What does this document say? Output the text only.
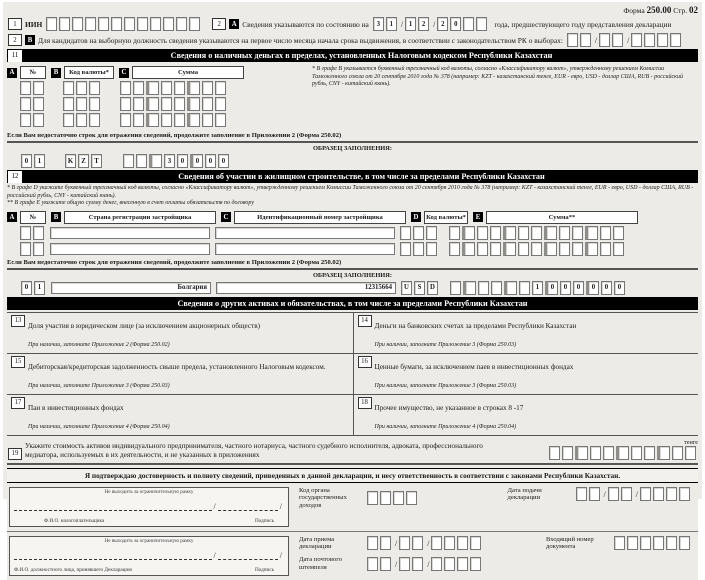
Форма 250.00 Стр. 02
1	ИИН	2	A Сведения указываются по состоянию на	3	1 / 1	2 / 2	0	года, предшествующего году представления декларации
2	B Для кандидатов на выборную должность сведения указываются на первое число месяца начала срока выдвижения, в соответствии с законодательством РК о выборах:	/	/
11	Сведения о наличных деньгах в пределах, установленных Налоговым кодексом Республики Казахстан
A	№	B	Код валюты*	C	Сумма	* В графе В указывается буквенный трехзначный код валюты, согласно «Классификатору валют», утвержденному решением Комиссии Таможенного союза от 20 сентября 2010 года № 378 (например: KZT - казахстанский тенге, EUR - евро, USD - доллар США, RUB - российский рубль, CNY - китайский юань).
Если Вам недостаточно строк для отражения сведений, продолжите заполнение в Приложении 2 (Форма 250.02)
ОБРАЗЕЦ ЗАПОЛНЕНИЯ:
0	1	K	Z	T	3	0	0	0	0
12	Сведения об участии в жилищном строительстве, в том числе за пределами Республики Казахстан
* В графе D укажите буквенный трехзначный код валюты, согласно «Классификатору валют», утвержденному решением Комиссии Таможенного союза от 20 сентября 2010 года № 378 (например: KZT - казахстанский тенге, EUR - евро, USD - доллар США, RUB - российский рубль, CNY - китайский юань).
** В графе Е укажите общую сумму денег, внесенную в счет оплаты обязательств по договору
A	№	B	Страна регистрации застройщика	C	Идентификационный номер застройщика	D	Код валюты*	E	Сумма**
Если Вам недостаточно строк для отражения сведений, продолжите заполнение в Приложении 2 (Форма 250.02)
ОБРАЗЕЦ ЗАПОЛНЕНИЯ:
0	1	Болгария	12315664	U	S	D	1	0	0	0	0	0	0
Сведения о других активах и обязательствах, в том числе за пределами Республики Казахстан
13
Доля участия в юридическом лице (за исключением акционерных обществ)
При наличии, заполните Приложение 2 (Форма 250.02)
14
Деньги на банковских счетах за пределами Республики Казахстан
При наличии, заполните Приложение 3 (Форма 250.03)
15
Дебиторская/кредиторская задолженность свыше предела, установленного Налоговым кодексом.
При наличии, заполните Приложение 3 (Форма 250.03)
16
Ценные бумаги, за исключением паев в инвестиционных фондах
При наличии, заполните Приложение 3 (Форма 250.03)
17
Паи в инвестиционных фондах
При наличии, заполните Приложение 4 (Форма 250.04)
18
Прочее имущество, не указанное в строках 8 -17
При наличии, заполните Приложение 4 (Форма 250.04)
19
Укажите стоимость активов индивидуального предпринимателя, частного нотариуса, частного судебного исполнителя, адвоката, профессионального медиатора, используемых в их деятельности, и не указанных в приложениях
тенге
Я подтверждаю достоверность и полноту сведений, приведенных в данной декларации, и несу ответственность в соответствии с законами Республики Казахстан.
Не выходить за ограничительную рамку
/	/
Ф.И.О. налогоплательщика	Подпись
Код органа государственных доходов
Дата подачи декларации	/	/
Не выходить за ограничительную рамку
/	/
Ф.И.О. должностного лица, принявшего Декларацию	Подпись
Дата приема декларации	/	/
Дата почтового штемпеля	/	/
Входящий номер документа
